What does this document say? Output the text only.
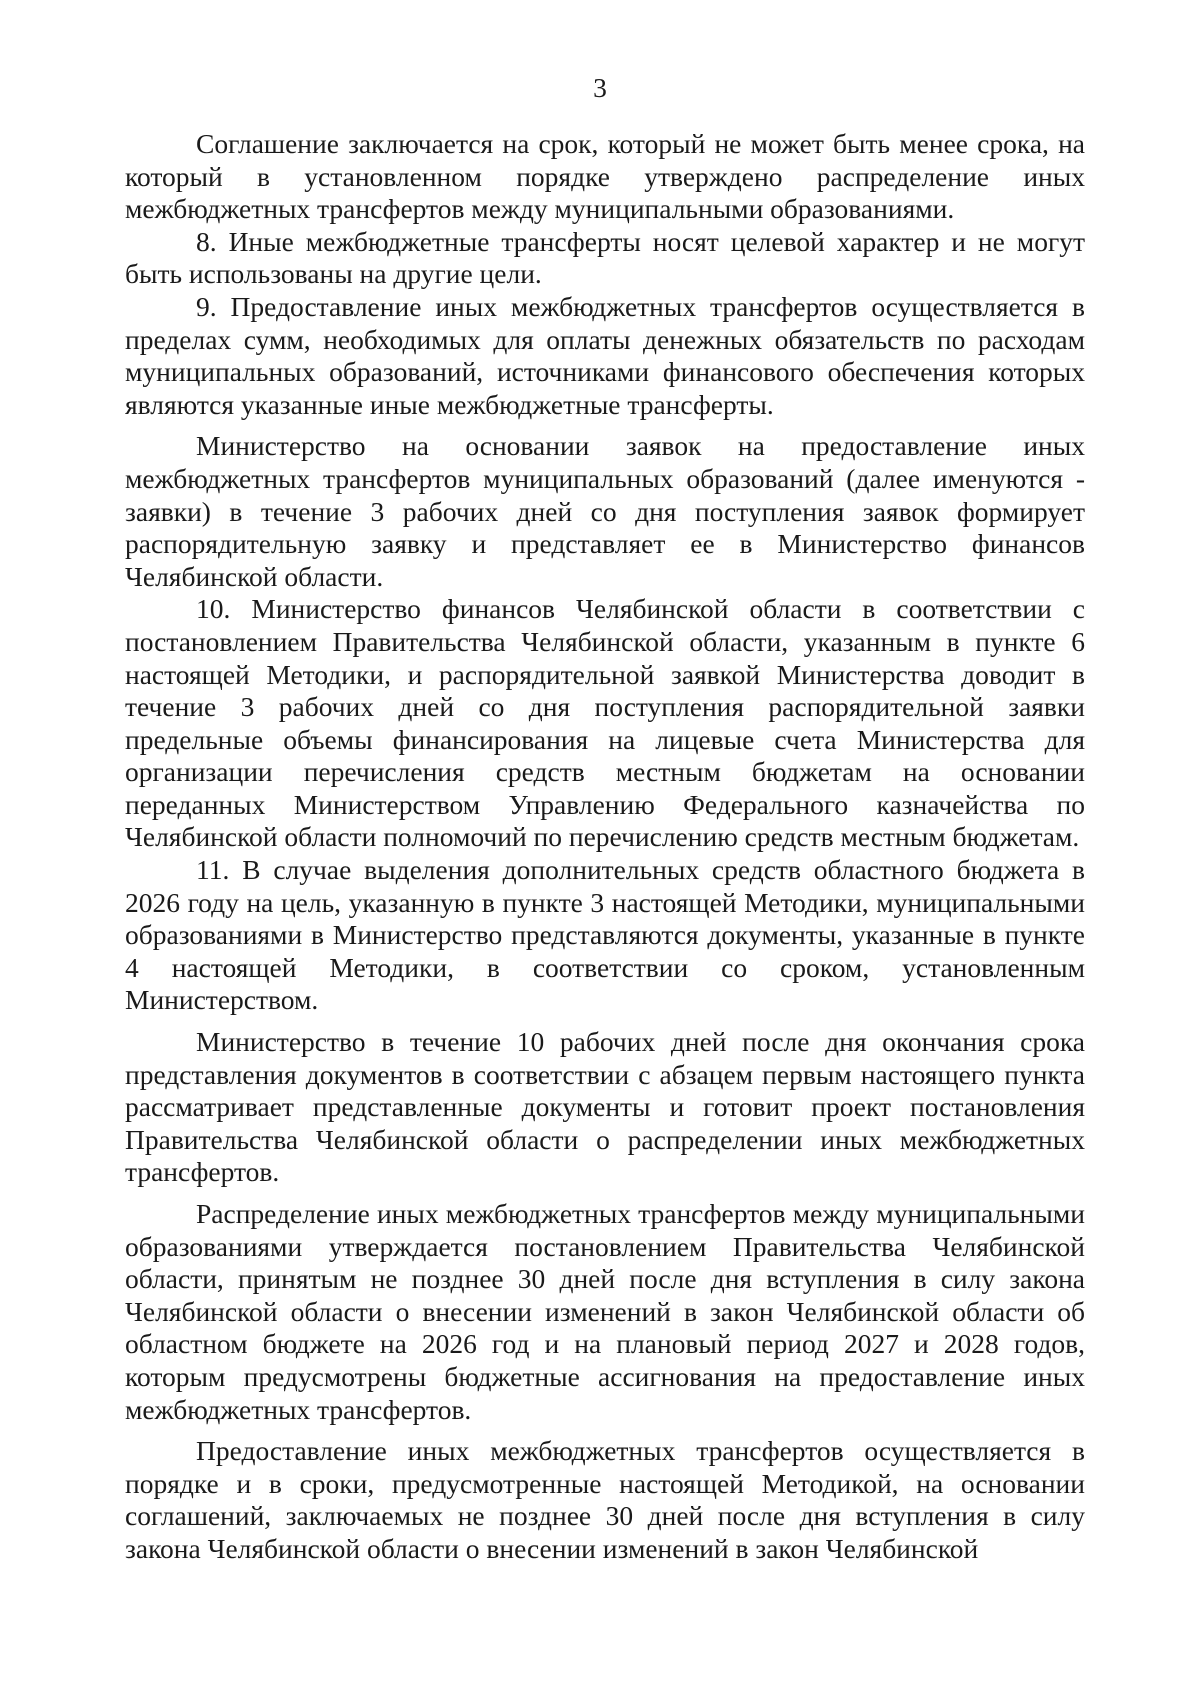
3

Соглашение заключается на срок, который не может быть менее срока, на который в установленном порядке утверждено распределение иных межбюджетных трансфертов между муниципальными образованиями.

8. Иные межбюджетные трансферты носят целевой характер и не могут быть использованы на другие цели.

9. Предоставление иных межбюджетных трансфертов осуществляется в пределах сумм, необходимых для оплаты денежных обязательств по расходам муниципальных образований, источниками финансового обеспечения которых являются указанные иные межбюджетные трансферты.

Министерство на основании заявок на предоставление иных межбюджетных трансфертов муниципальных образований (далее именуются - заявки) в течение 3 рабочих дней со дня поступления заявок формирует распорядительную заявку и представляет ее в Министерство финансов Челябинской области.

10. Министерство финансов Челябинской области в соответствии с постановлением Правительства Челябинской области, указанным в пункте 6 настоящей Методики, и распорядительной заявкой Министерства доводит в течение 3 рабочих дней со дня поступления распорядительной заявки предельные объемы финансирования на лицевые счета Министерства для организации перечисления средств местным бюджетам на основании переданных Министерством Управлению Федерального казначейства по Челябинской области полномочий по перечислению средств местным бюджетам.

11. В случае выделения дополнительных средств областного бюджета в 2026 году на цель, указанную в пункте 3 настоящей Методики, муниципальными образованиями в Министерство представляются документы, указанные в пункте 4 настоящей Методики, в соответствии со сроком, установленным Министерством.

Министерство в течение 10 рабочих дней после дня окончания срока представления документов в соответствии с абзацем первым настоящего пункта рассматривает представленные документы и готовит проект постановления Правительства Челябинской области о распределении иных межбюджетных трансфертов.

Распределение иных межбюджетных трансфертов между муниципальными образованиями утверждается постановлением Правительства Челябинской области, принятым не позднее 30 дней после дня вступления в силу закона Челябинской области о внесении изменений в закон Челябинской области об областном бюджете на 2026 год и на плановый период 2027 и 2028 годов, которым предусмотрены бюджетные ассигнования на предоставление иных межбюджетных трансфертов.

Предоставление иных межбюджетных трансфертов осуществляется в порядке и в сроки, предусмотренные настоящей Методикой, на основании соглашений, заключаемых не позднее 30 дней после дня вступления в силу закона Челябинской области о внесении изменений в закон Челябинской
